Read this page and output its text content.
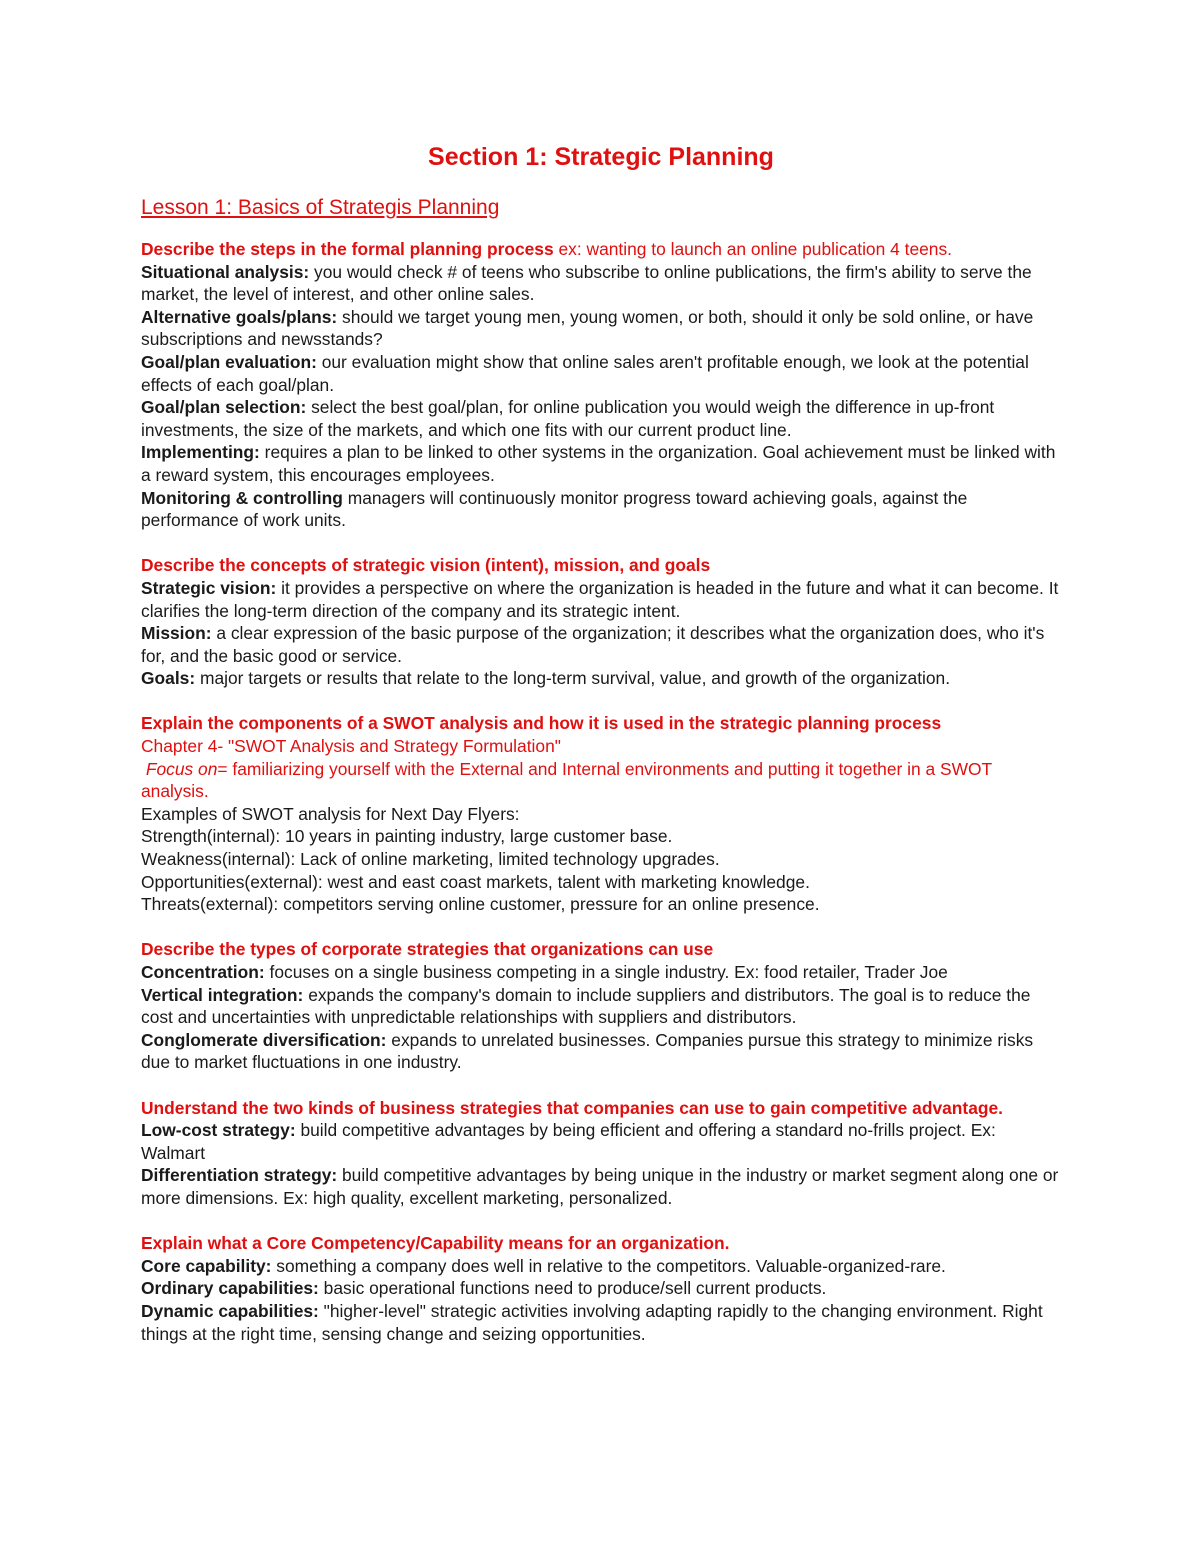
Section 1: Strategic Planning
Lesson 1: Basics of Strategis Planning
Describe the steps in the formal planning process ex: wanting to launch an online publication 4 teens.
Situational analysis: you would check # of teens who subscribe to online publications, the firm's ability to serve the market, the level of interest, and other online sales.
Alternative goals/plans: should we target young men, young women, or both, should it only be sold online, or have subscriptions and newsstands?
Goal/plan evaluation: our evaluation might show that online sales aren't profitable enough, we look at the potential effects of each goal/plan.
Goal/plan selection: select the best goal/plan, for online publication you would weigh the difference in up-front investments, the size of the markets, and which one fits with our current product line.
Implementing: requires a plan to be linked to other systems in the organization. Goal achievement must be linked with a reward system, this encourages employees.
Monitoring & controlling managers will continuously monitor progress toward achieving goals, against the performance of work units.
Describe the concepts of strategic vision (intent), mission, and goals
Strategic vision: it provides a perspective on where the organization is headed in the future and what it can become. It clarifies the long-term direction of the company and its strategic intent.
Mission: a clear expression of the basic purpose of the organization; it describes what the organization does, who it's for, and the basic good or service.
Goals: major targets or results that relate to the long-term survival, value, and growth of the organization.
Explain the components of a SWOT analysis and how it is used in the strategic planning process
Chapter 4- "SWOT Analysis and Strategy Formulation"
Focus on= familiarizing yourself with the External and Internal environments and putting it together in a SWOT analysis.
Examples of SWOT analysis for Next Day Flyers:
Strength(internal): 10 years in painting industry, large customer base.
Weakness(internal): Lack of online marketing, limited technology upgrades.
Opportunities(external): west and east coast markets, talent with marketing knowledge.
Threats(external): competitors serving online customer, pressure for an online presence.
Describe the types of corporate strategies that organizations can use
Concentration: focuses on a single business competing in a single industry. Ex: food retailer, Trader Joe
Vertical integration: expands the company's domain to include suppliers and distributors. The goal is to reduce the cost and uncertainties with unpredictable relationships with suppliers and distributors.
Conglomerate diversification: expands to unrelated businesses. Companies pursue this strategy to minimize risks due to market fluctuations in one industry.
Understand the two kinds of business strategies that companies can use to gain competitive advantage.
Low-cost strategy: build competitive advantages by being efficient and offering a standard no-frills project. Ex: Walmart
Differentiation strategy: build competitive advantages by being unique in the industry or market segment along one or more dimensions. Ex: high quality, excellent marketing, personalized.
Explain what a Core Competency/Capability means for an organization.
Core capability: something a company does well in relative to the competitors. Valuable-organized-rare.
Ordinary capabilities: basic operational functions need to produce/sell current products.
Dynamic capabilities: "higher-level" strategic activities involving adapting rapidly to the changing environment. Right things at the right time, sensing change and seizing opportunities.
